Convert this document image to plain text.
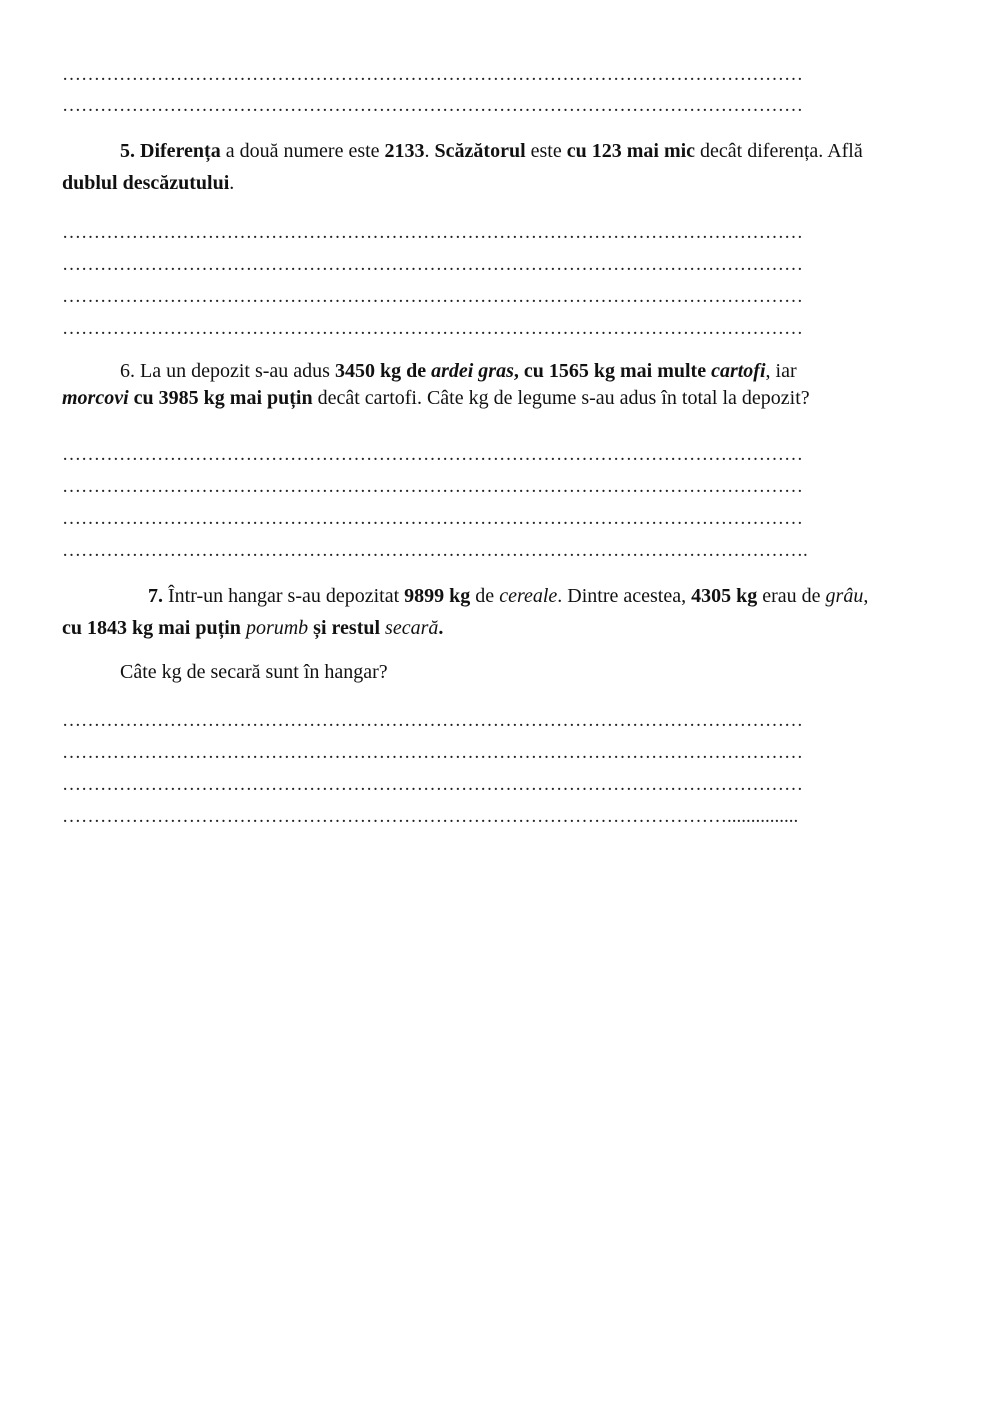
………………………………………………………………………………………………………
………………………………………………………………………………………………………

5. Diferența a două numere este 2133. Scăzătorul este cu 123 mai mic decât diferența. Află
dublul descăzutului.

………………………………………………………………………………………………………
………………………………………………………………………………………………………
………………………………………………………………………………………………………
………………………………………………………………………………………………………

6. La un depozit s-au adus 3450 kg de ardei gras, cu 1565 kg mai multe cartofi, iar
morcovi cu 3985 kg mai puțin decât cartofi. Câte kg de legume s-au adus în total la depozit?

………………………………………………………………………………………………………
………………………………………………………………………………………………………
………………………………………………………………………………………………………
……………………………………………………………………………………………………….

7. Într-un hangar s-au depozitat 9899 kg de cereale. Dintre acestea, 4305 kg erau de grâu,
cu 1843 kg mai puțin porumb și restul secară.

Câte kg de secară sunt în hangar?

………………………………………………………………………………………………………
………………………………………………………………………………………………………
………………………………………………………………………………………………………
……………………………………………………………………………………………...............
